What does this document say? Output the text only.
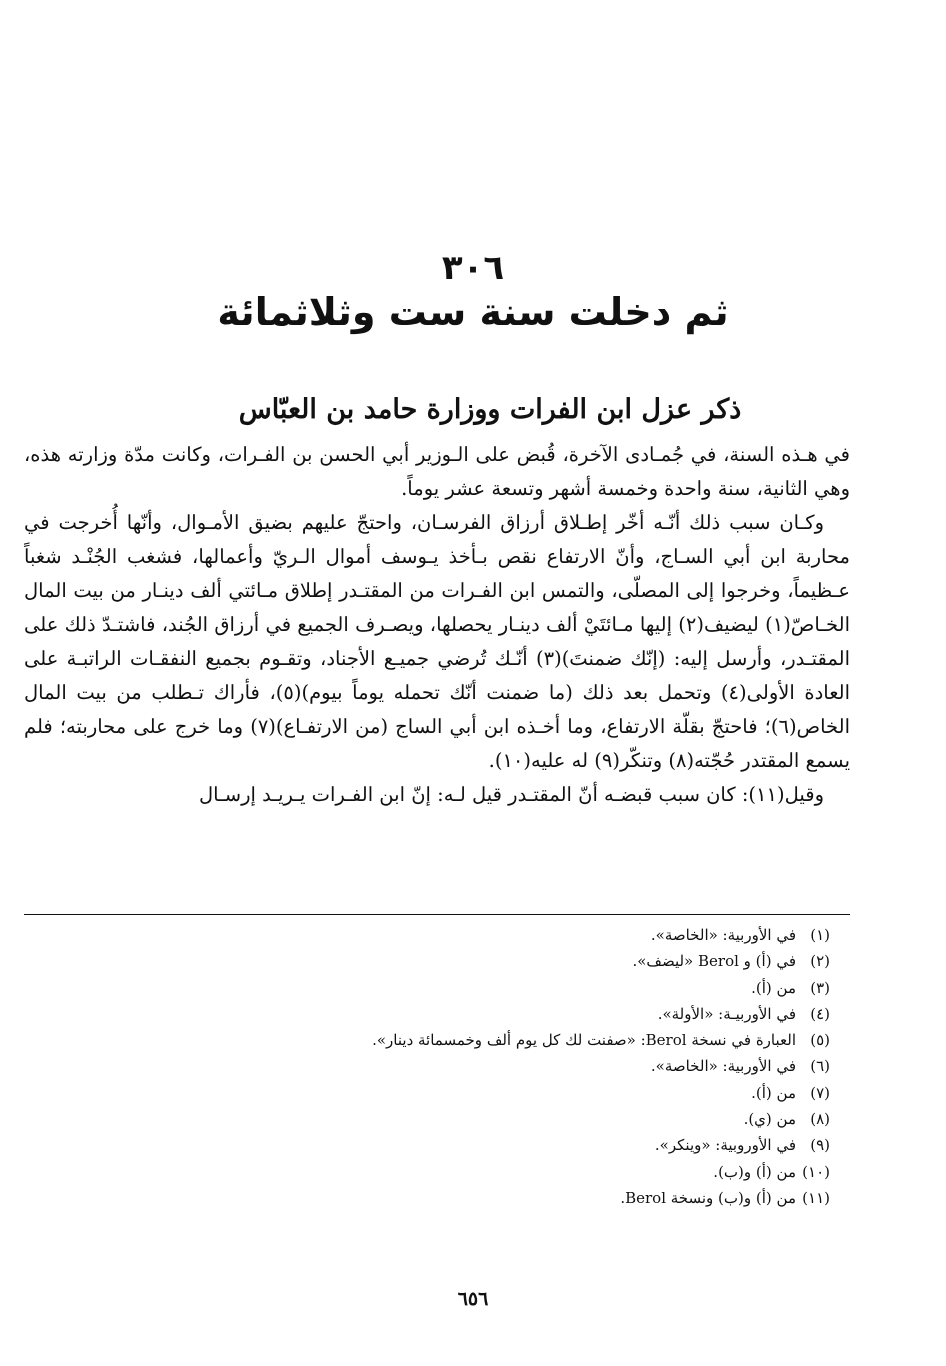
٣٠٦
ثم دخلت سنة ست وثلاثمائة
ذكر عزل ابن الفرات ووزارة حامد بن العبّاس

في هـذه السنة، في جُمـادى الآخرة، قُبض على الـوزير أبي الحسن بن الفـرات، وكانت مدّة وزارته هذه، وهي الثانية، سنة واحدة وخمسة أشهر وتسعة عشر يوماً.

وكـان سبب ذلك أنّـه أخّر إطـلاق أرزاق الفرسـان، واحتجّ عليهم بضيق الأمـوال، وأنّها أُخرجت في محاربة ابن أبي السـاج، وأنّ الارتفاع نقص بـأخذ يـوسف أموال الـريّ وأعمالها، فشغب الجُنْـد شغباً عـظيماً، وخرجوا إلى المصلّى، والتمس ابن الفـرات من المقتـدر إطلاق مـائتي ألف دينـار من بيت المال الخـاصّ(١) ليضيف(٢) إليها مـائتَيْ ألف دينـار يحصلها، ويصـرف الجميع في أرزاق الجُند، فاشتـدّ ذلك على المقتـدر، وأرسل إليه: (إنّك ضمنتَ)(٣) أنّـك تُرضي جميـع الأجناد، وتقـوم بجميع النفقـات الراتبـة على العادة الأولى(٤) وتحمل بعد ذلك (ما ضمنت أنّك تحمله يوماً بيوم)(٥)، فأراك تـطلب من بيت المال الخاص(٦)؛ فاحتجّ بقلّة الارتفاع، وما أخـذه ابن أبي الساج (من الارتفـاع)(٧) وما خرج على محاربته؛ فلم يسمع المقتدر حُجّته(٨) وتنكّر(٩) له عليه(١٠).

وقيل(١١): كان سبب قبضـه أنّ المقتـدر قيل لـه: إنّ ابن الفـرات يـريـد إرسـال

(١)في الأوربية: «الخاصة».
(٢)في (أ) و Berol «ليضف».
(٣)من (أ).
(٤)في الأوربيـة: «الأولة».
(٥)العبارة في نسخة Berol: «صفنت لك كل يوم ألف وخمسمائة دينار».
(٦)في الأوربية: «الخاصة».
(٧)من (أ).
(٨)من (ي).
(٩)في الأوروبية: «وينكر».
(١٠)من (أ) و(ب).
(١١)من (أ) و(ب) ونسخة Berol.
٦٥٦
